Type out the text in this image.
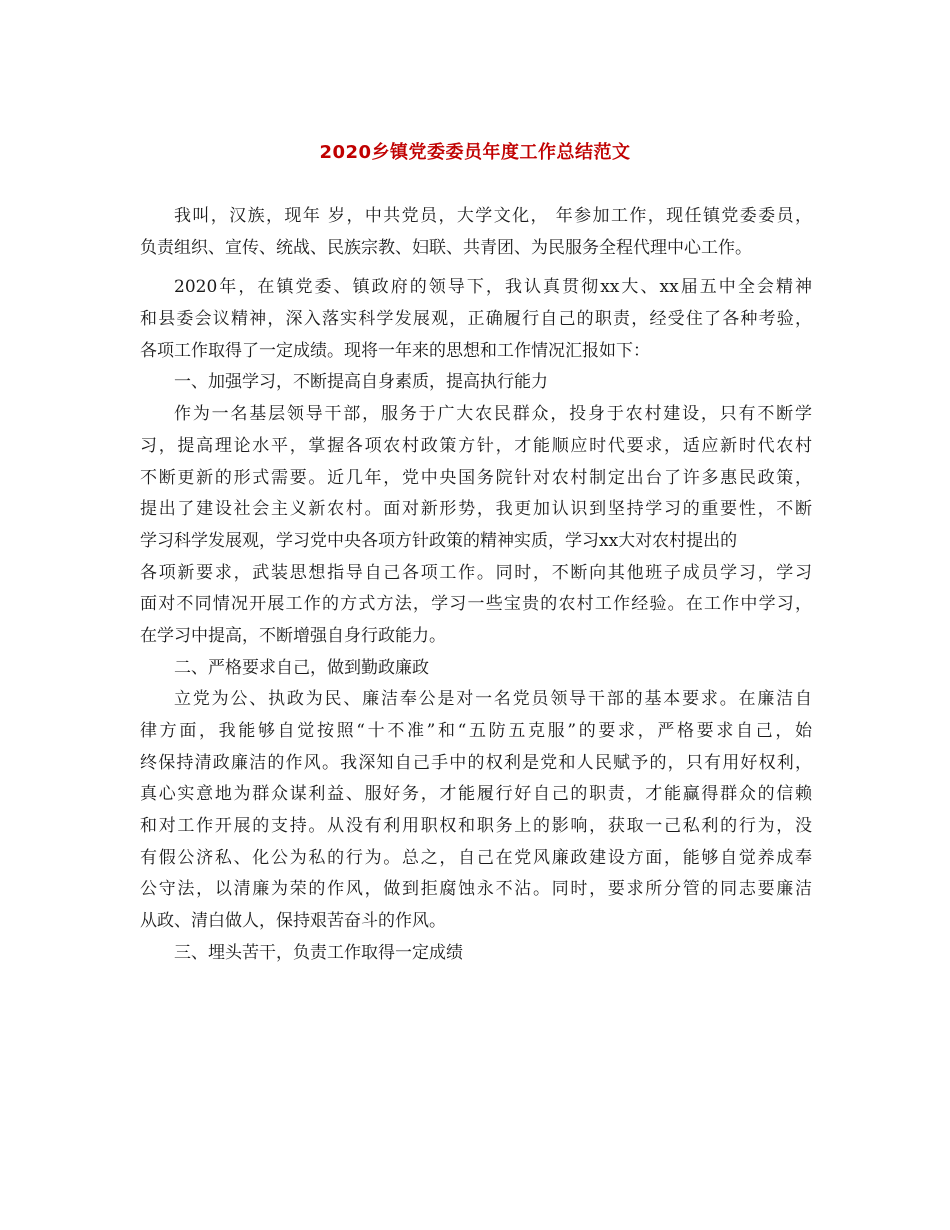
2020乡镇党委委员年度工作总结范文
我叫，汉族，现年 岁，中共党员，大学文化， 年参加工作，现任镇党委委员，
负责组织、宣传、统战、民族宗教、妇联、共青团、为民服务全程代理中心工作。
2020年，在镇党委、镇政府的领导下，我认真贯彻xx大、xx届五中全会精神
和县委会议精神，深入落实科学发展观，正确履行自己的职责，经受住了各种考验，
各项工作取得了一定成绩。现将一年来的思想和工作情况汇报如下：
一、加强学习，不断提高自身素质，提高执行能力
作为一名基层领导干部，服务于广大农民群众，投身于农村建设，只有不断学
习，提高理论水平，掌握各项农村政策方针，才能顺应时代要求，适应新时代农村
不断更新的形式需要。近几年，党中央国务院针对农村制定出台了许多惠民政策，
提出了建设社会主义新农村。面对新形势，我更加认识到坚持学习的重要性，不断
学习科学发展观，学习党中央各项方针政策的精神实质，学习xx大对农村提出的
各项新要求，武装思想指导自己各项工作。同时，不断向其他班子成员学习，学习
面对不同情况开展工作的方式方法，学习一些宝贵的农村工作经验。在工作中学习，
在学习中提高，不断增强自身行政能力。
二、严格要求自己，做到勤政廉政
立党为公、执政为民、廉洁奉公是对一名党员领导干部的基本要求。在廉洁自
律方面，我能够自觉按照“十不准”和“五防五克服”的要求，严格要求自己，始
终保持清政廉洁的作风。我深知自己手中的权利是党和人民赋予的，只有用好权利，
真心实意地为群众谋利益、服好务，才能履行好自己的职责，才能赢得群众的信赖
和对工作开展的支持。从没有利用职权和职务上的影响，获取一己私利的行为，没
有假公济私、化公为私的行为。总之，自己在党风廉政建设方面，能够自觉养成奉
公守法，以清廉为荣的作风，做到拒腐蚀永不沾。同时，要求所分管的同志要廉洁
从政、清白做人，保持艰苦奋斗的作风。
三、埋头苦干，负责工作取得一定成绩
